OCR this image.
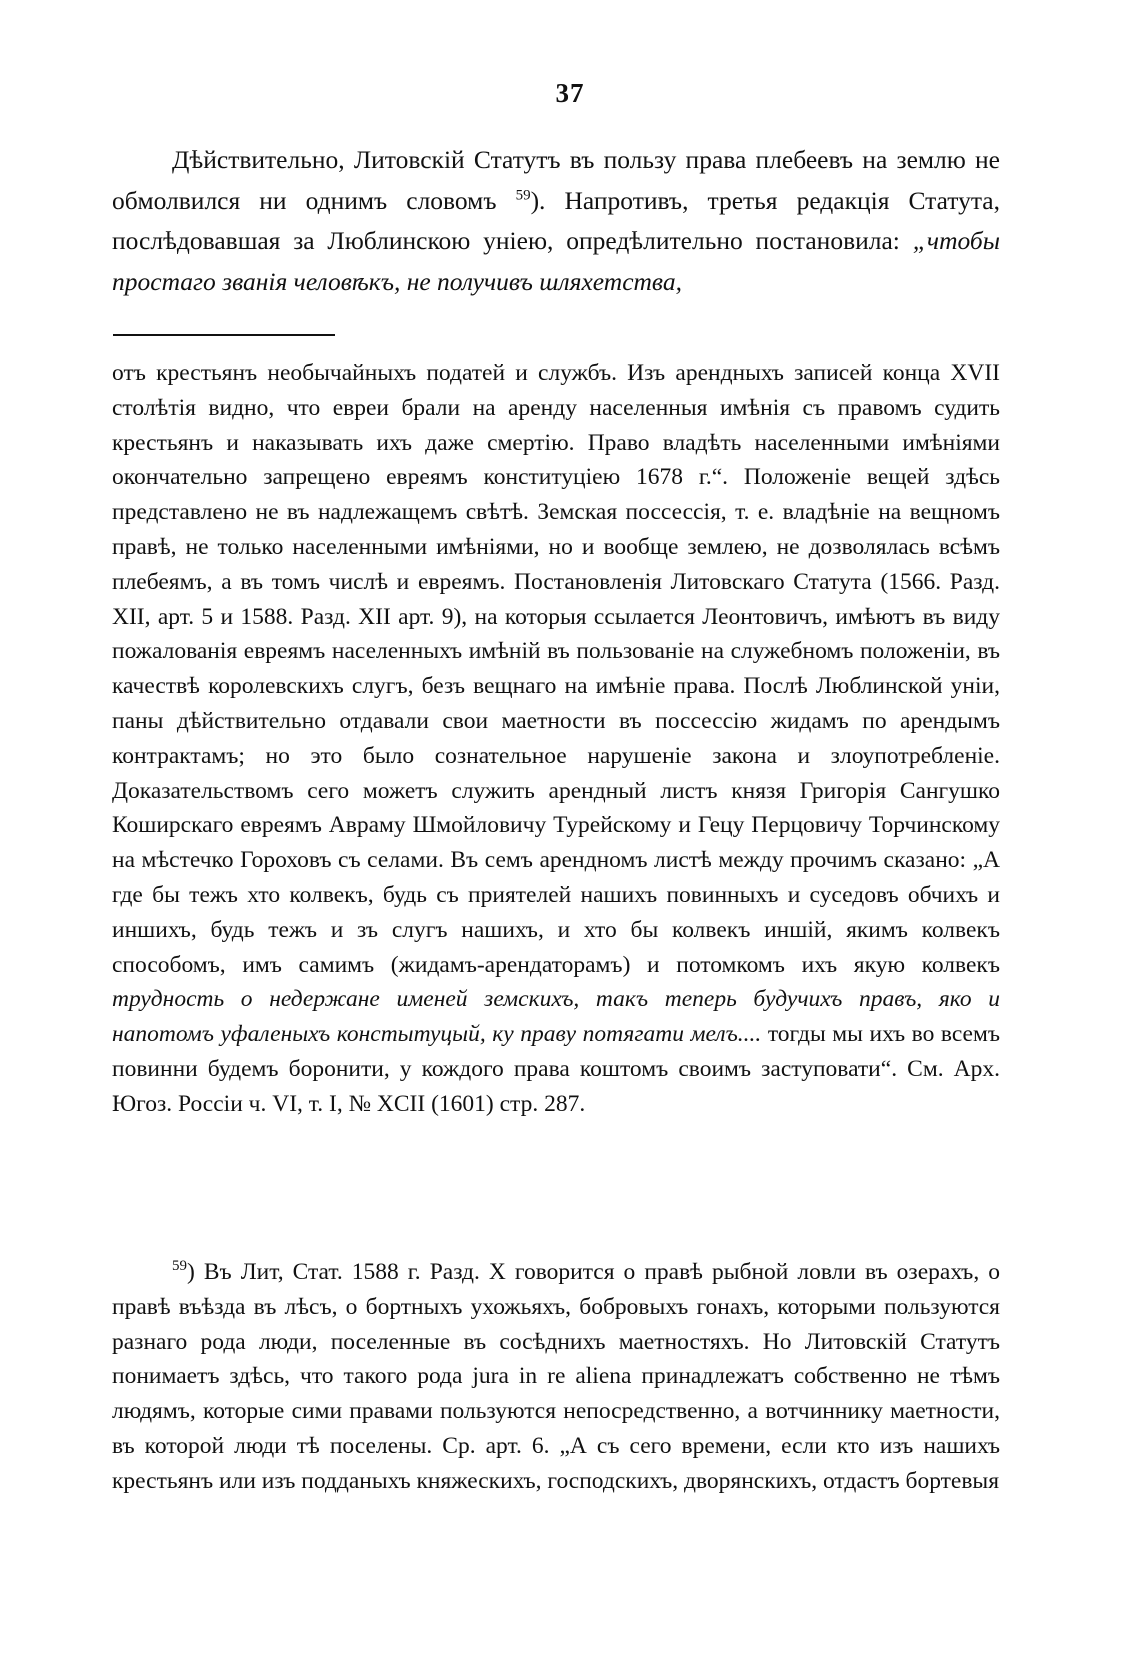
37

Дѣйствительно, Литовскій Статутъ въ пользу права плебеевъ на землю не обмолвился ни однимъ словомъ $^{59}$). Напротивъ, третья редакція Статута, послѣдовавшая за Люблинскою уніею, опредѣлительно постановила: „чтобы простаго званія человѣкъ, не получивъ шляхетства,

отъ крестьянъ необычайныхъ податей и службъ. Изъ арендныхъ записей конца XVII столѣтія видно, что евреи брали на аренду населенныя имѣнія съ правомъ судить крестьянъ и наказывать ихъ даже смертію. Право владѣть населенными имѣніями окончательно запрещено евреямъ конституціею 1678 г.“. Положеніе вещей здѣсь представлено не въ надлежащемъ свѣтѣ. Земская поссессія, т. е. владѣніе на вещномъ правѣ, не только населенными имѣніями, но и вообще землею, не дозволялась всѣмъ плебеямъ, а въ томъ числѣ и евреямъ. Постановленія Литовскаго Статута (1566. Разд. XII, арт. 5 и 1588. Разд. XII арт. 9), на которыя ссылается Леонтовичъ, имѣютъ въ виду пожалованія евреямъ населенныхъ имѣній въ пользованіе на служебномъ положеніи, въ качествѣ королевскихъ слугъ, безъ вещнаго на имѣніе права. Послѣ Люблинской уніи, паны дѣйствительно отдавали свои маетности въ поссессію жидамъ по арендымъ контрактамъ; но это было сознательное нарушеніе закона и злоупотребленіе. Доказательствомъ сего можетъ служить арендный листъ князя Григорія Сангушко Коширскаго евреямъ Авраму Шмойловичу Турейскому и Гецу Перцовичу Торчинскому на мѣстечко Гороховъ съ селами. Въ семъ арендномъ листѣ между прочимъ сказано: „А где бы тежъ хто колвекъ, будь съ приятелей нашихъ повинныхъ и суседовъ обчихъ и иншихъ, будь тежъ и зъ слугъ нашихъ, и хто бы колвекъ иншій, якимъ колвекъ способомъ, имъ самимъ (жидамъ-арендаторамъ) и потомкомъ ихъ якую колвекъ трудность о недержане именей земскихъ, такъ теперь будучихъ правъ, яко и напотомъ уфаленыхъ констытуцый, ку праву потягати мелъ.... тогды мы ихъ во всемъ повинни будемъ боронити, у кождого права коштомъ своимъ заступовати“. См. Арх. Югоз. Россіи ч. VI, т. I, № XCII (1601) стр. 287.

$^{59}$) Въ Лит, Стат. 1588 г. Разд. X говорится о правѣ рыбной ловли въ озерахъ, о правѣ въѣзда въ лѣсъ, о бортныхъ ухожьяхъ, бобровыхъ гонахъ, которыми пользуются разнаго рода люди, поселенные въ сосѣднихъ маетностяхъ. Но Литовскій Статутъ понимаетъ здѣсь, что такого рода jura in re aliena принадлежатъ собственно не тѣмъ людямъ, которые сими правами пользуются непосредственно, а вотчиннику маетности, въ которой люди тѣ поселены. Ср. арт. 6. „А съ сего времени, если кто изъ нашихъ крестьянъ или изъ подданыхъ княжескихъ, господскихъ, дворянскихъ, отдастъ бортевыя
